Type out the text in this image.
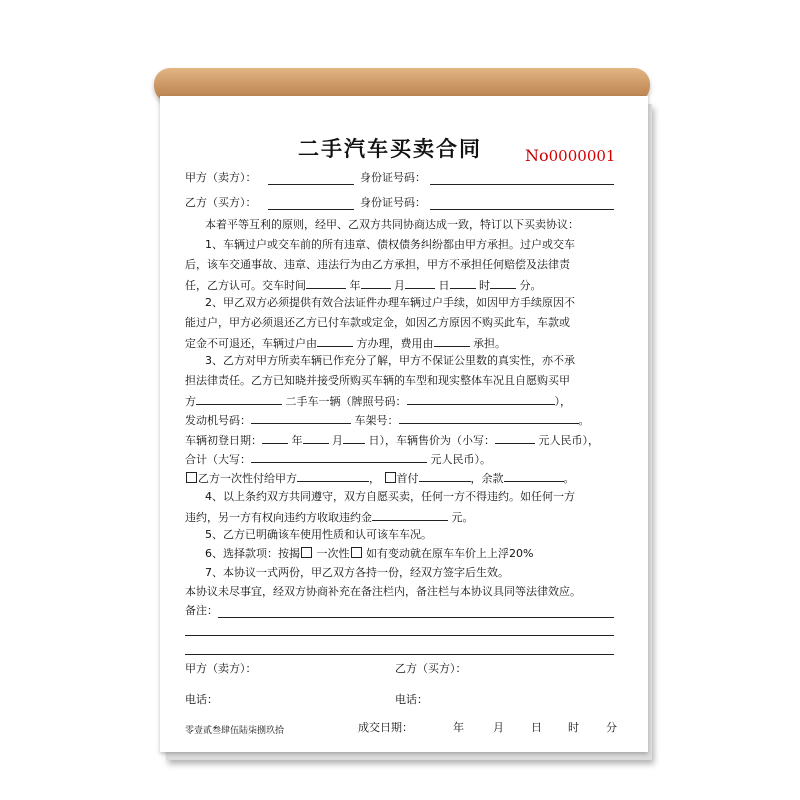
二手汽车买卖合同	No0000001
甲方（卖方）：	身份证号码：
乙方（买方）：	身份证号码：
本着平等互利的原则，经甲、乙双方共同协商达成一致，特订以下买卖协议：
1、车辆过户或交车前的所有违章、债权债务纠纷都由甲方承担。过户或交车
后，该车交通事故、违章、违法行为由乙方承担，甲方不承担任何赔偿及法律责
任，乙方认可。交车时间	年	月	日	时	分。
2、甲乙双方必须提供有效合法证件办理车辆过户手续，如因甲方手续原因不
能过户，甲方必须退还乙方已付车款或定金，如因乙方原因不购买此车，车款或
定金不可退还，车辆过户由	方办理，费用由	承担。
3、乙方对甲方所卖车辆已作充分了解，甲方不保证公里数的真实性，亦不承
担法律责任。乙方已知晓并接受所购买车辆的车型和现实整体车况且自愿购买甲
方	二手车一辆（牌照号码：	），
发动机号码：	车架号：	。
车辆初登日期：	年	月 日），车辆售价为（小写：	元人民币），
合计（大写：	元人民币）。
乙方一次性付给甲方	， 首付	，余款	。
4、以上条约双方共同遵守，双方自愿买卖，任何一方不得违约。如任何一方
违约，另一方有权向违约方收取违约金	元。
5、乙方已明确该车使用性质和认可该车车况。
6、选择款项：按揭 一次性 如有变动就在原车车价上上浮20%
7、本协议一式两份，甲乙双方各持一份，经双方签字后生效。
本协议未尽事宜，经双方协商补充在备注栏内，备注栏与本协议具同等法律效应。
备注：
甲方（卖方）：	乙方（买方）：
电话：	电话：
零壹贰叁肆伍陆柒捌玖拾	成交日期：	年	月 日 时 分
